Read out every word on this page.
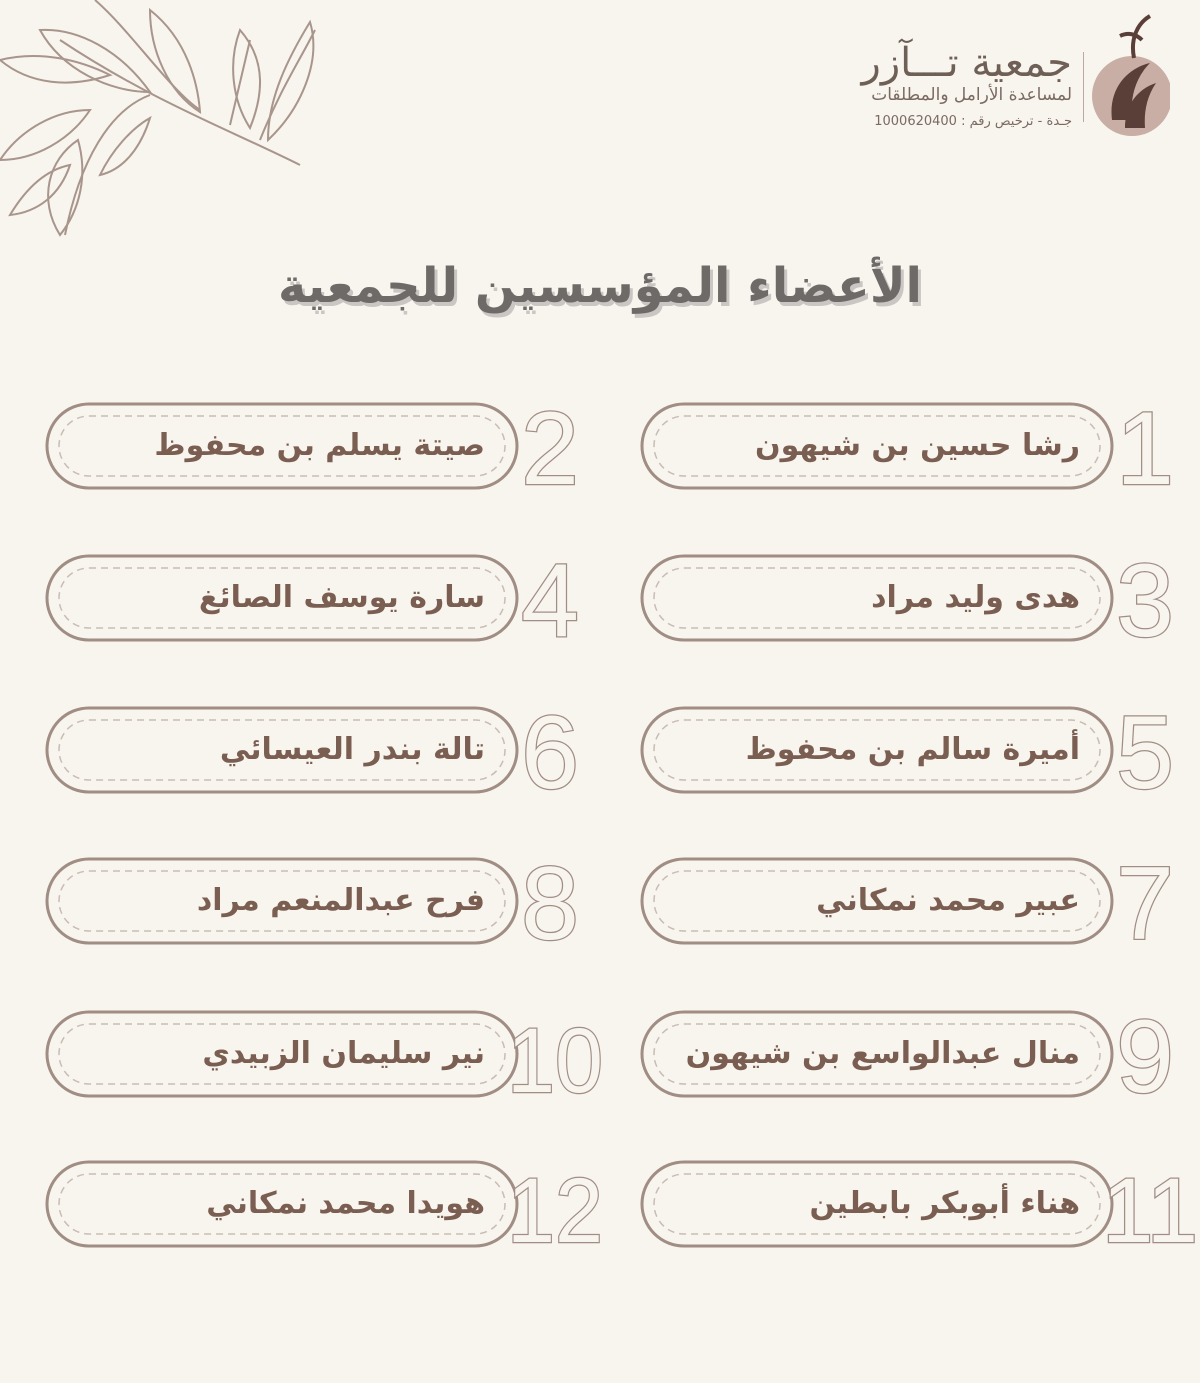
جمعية تـــآزر
لمساعدة الأرامل والمطلقات
جـدة - ترخيص رقم : 1000620400
الأعضاء المؤسسين للجمعية
1
رشا حسين بن شيهون
2
صيتة يسلم بن محفوظ
3
هدى وليد مراد
4
سارة يوسف الصائغ
5
أميرة سالم بن محفوظ
6
تالة بندر العيسائي
7
عبير محمد نمكاني
8
فرح عبدالمنعم مراد
9
منال عبدالواسع بن شيهون
10
نير سليمان الزبيدي
11
هناء أبوبكر بابطين
12
هويدا محمد نمكاني
